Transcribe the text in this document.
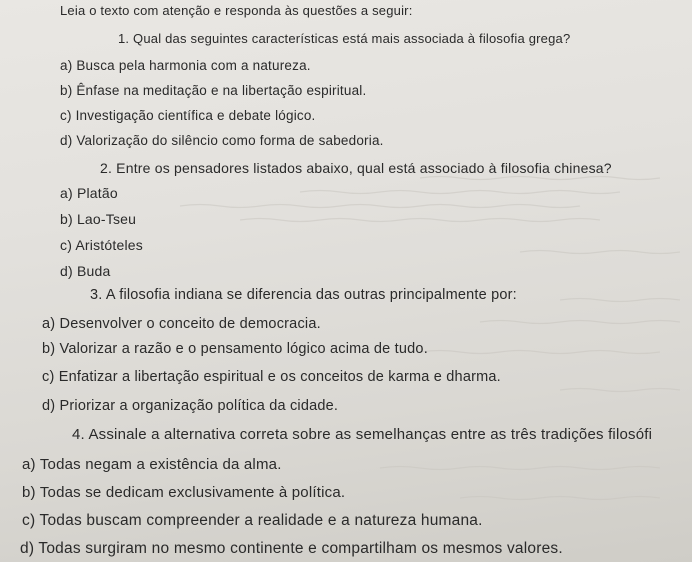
Leia o texto com atenção e responda às questões a seguir:
1. Qual das seguintes características está mais associada à filosofia grega?
a) Busca pela harmonia com a natureza.
b) Ênfase na meditação e na libertação espiritual.
c) Investigação científica e debate lógico.
d) Valorização do silêncio como forma de sabedoria.
2. Entre os pensadores listados abaixo, qual está associado à filosofia chinesa?
a) Platão
b) Lao-Tseu
c) Aristóteles
d) Buda
3. A filosofia indiana se diferencia das outras principalmente por:
a) Desenvolver o conceito de democracia.
b) Valorizar a razão e o pensamento lógico acima de tudo.
c) Enfatizar a libertação espiritual e os conceitos de karma e dharma.
d) Priorizar a organização política da cidade.
4. Assinale a alternativa correta sobre as semelhanças entre as três tradições filosófi
a) Todas negam a existência da alma.
b) Todas se dedicam exclusivamente à política.
c) Todas buscam compreender a realidade e a natureza humana.
d) Todas surgiram no mesmo continente e compartilham os mesmos valores.
